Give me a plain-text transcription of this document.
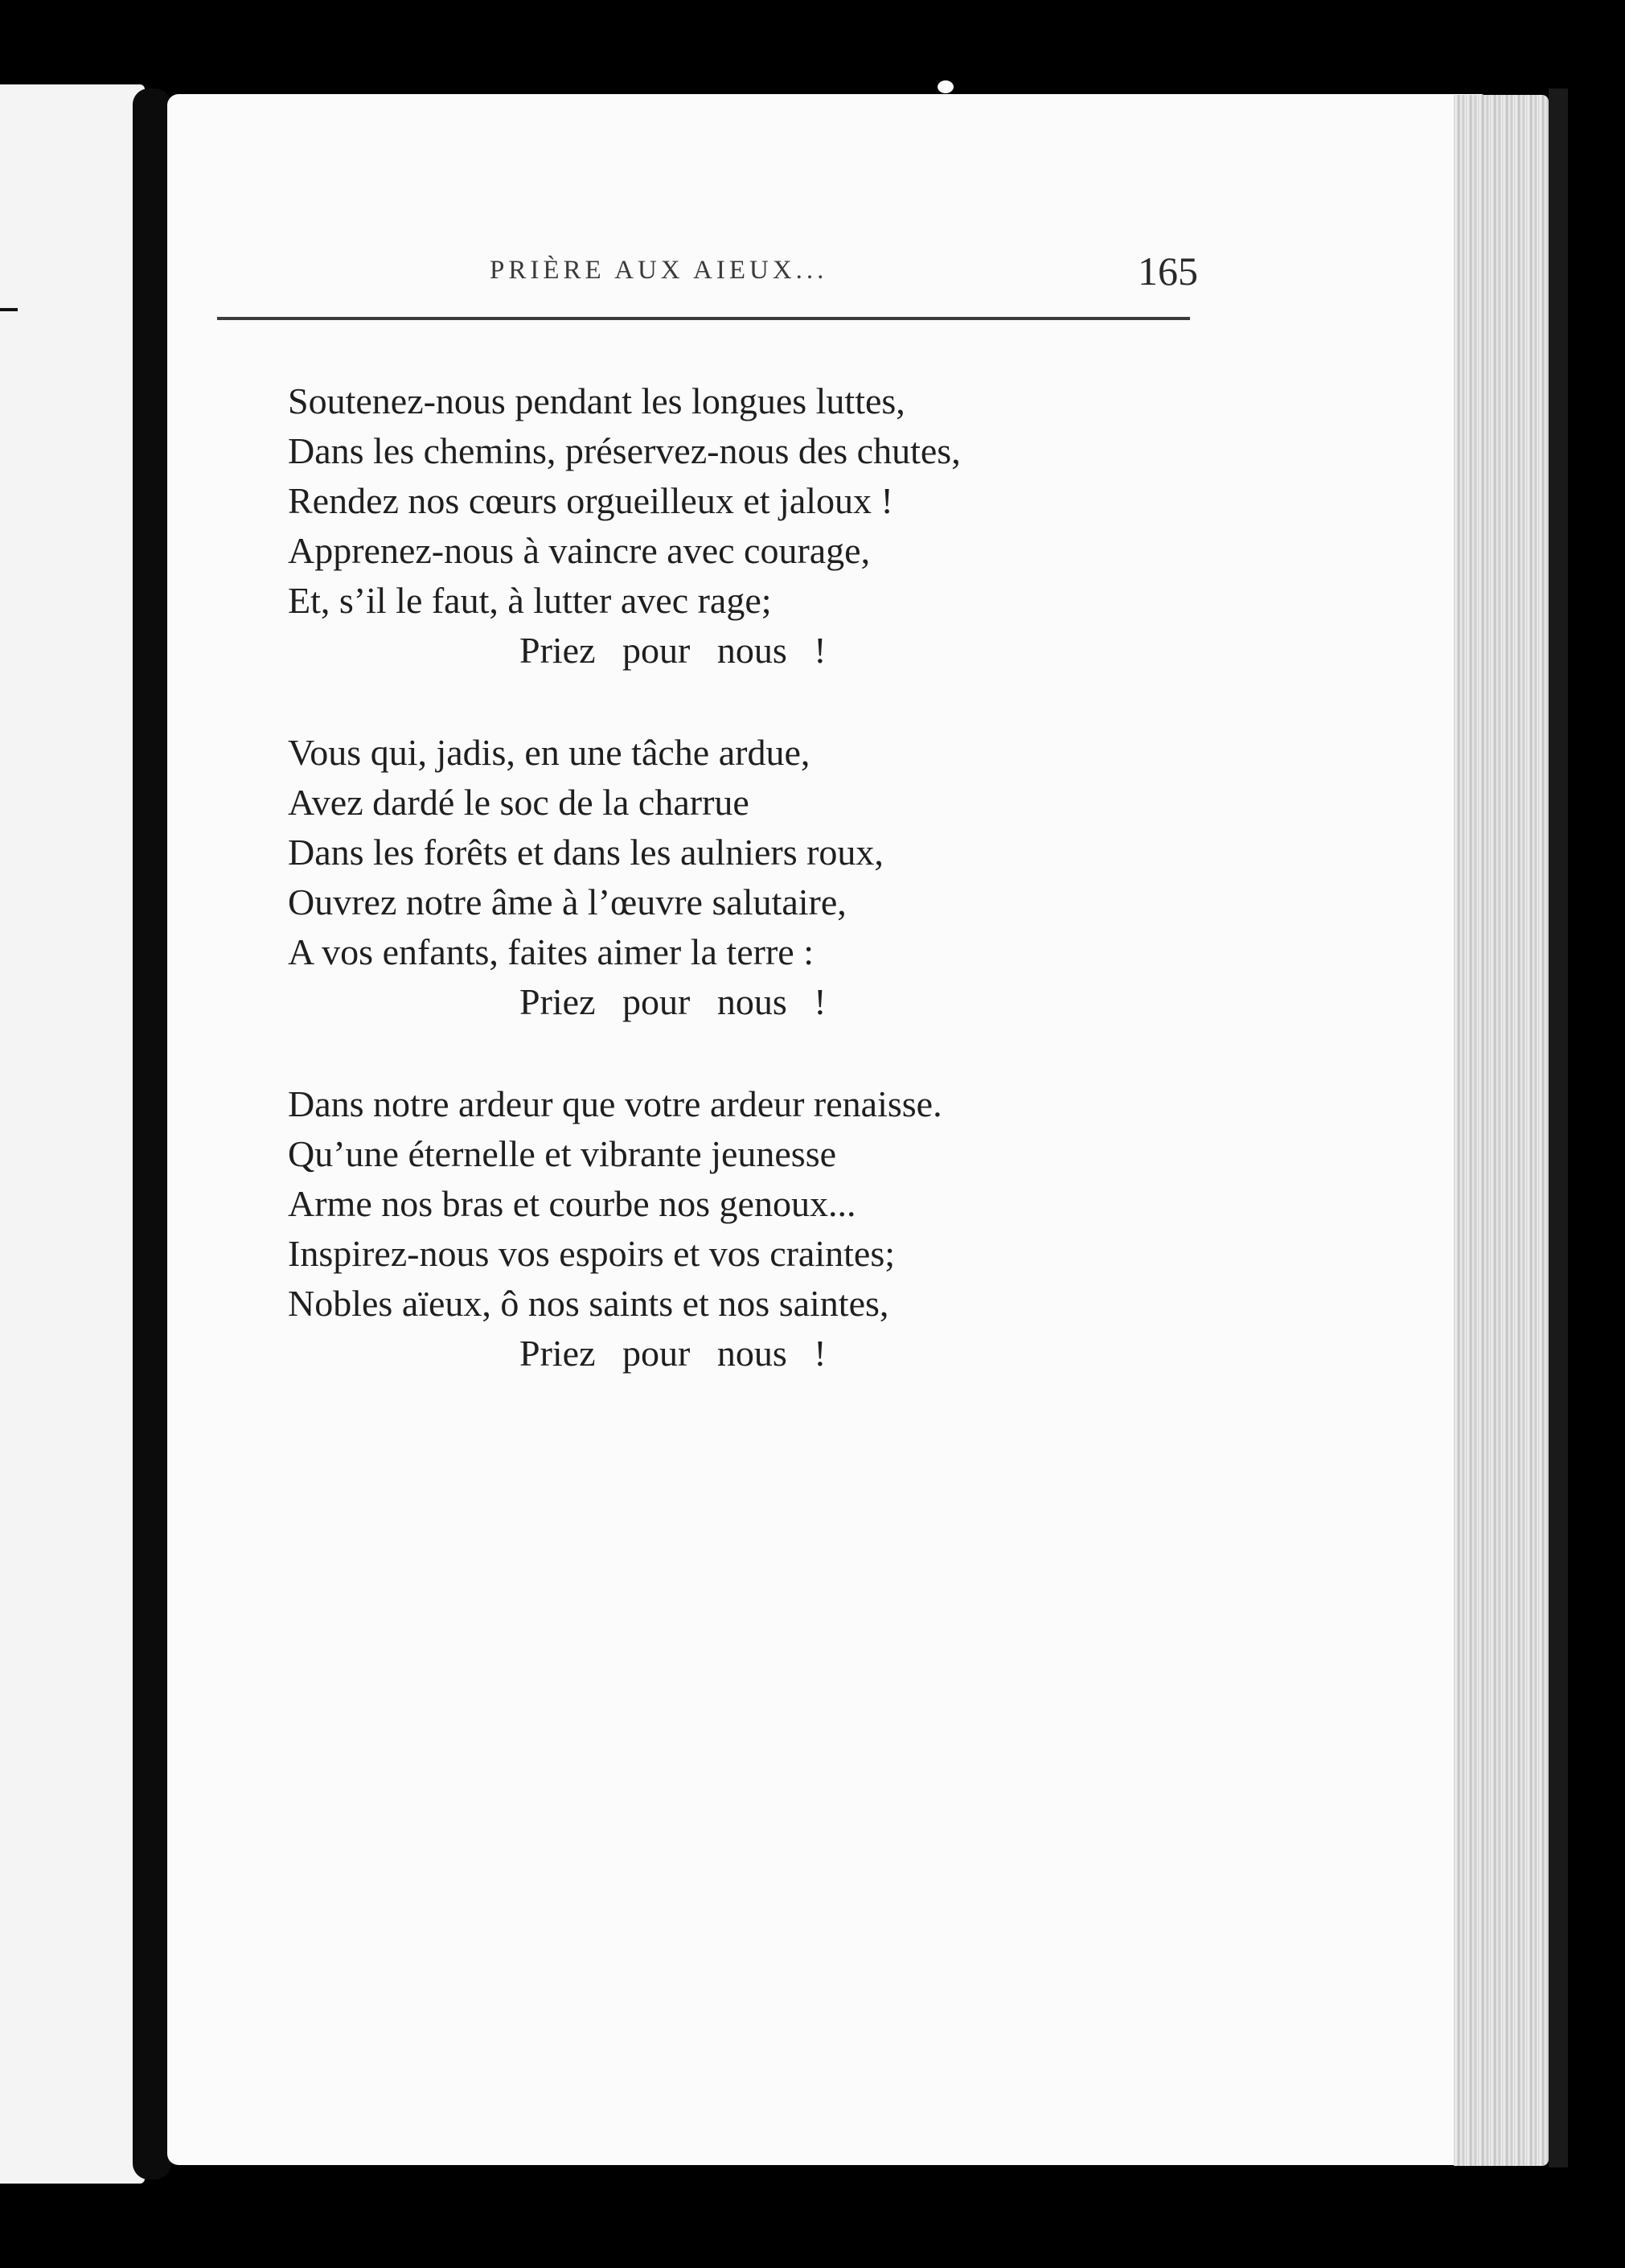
PRIÈRE AUX AIEUX...	165
Soutenez-nous pendant les longues luttes,
Dans les chemins, préservez-nous des chutes,
Rendez nos cœurs orgueilleux et jaloux !
Apprenez-nous à vaincre avec courage,
Et, s’il le faut, à lutter avec rage;
Priez pour nous !
Vous qui, jadis, en une tâche ardue,
Avez dardé le soc de la charrue
Dans les forêts et dans les aulniers roux,
Ouvrez notre âme à l’œuvre salutaire,
A vos enfants, faites aimer la terre :
Priez pour nous !
Dans notre ardeur que votre ardeur renaisse.
Qu’une éternelle et vibrante jeunesse
Arme nos bras et courbe nos genoux...
Inspirez-nous vos espoirs et vos craintes;
Nobles aïeux, ô nos saints et nos saintes,
Priez pour nous !
